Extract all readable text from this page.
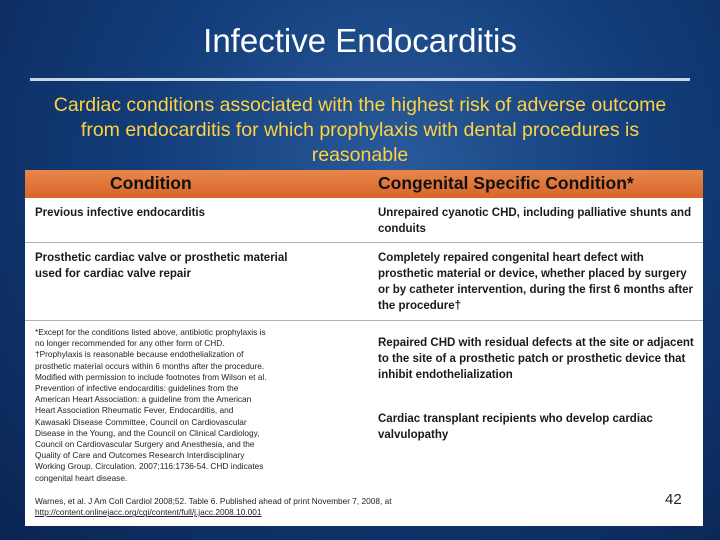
Infective Endocarditis
Cardiac conditions associated with the highest risk of adverse outcome from endocarditis for which prophylaxis with dental procedures is reasonable
Condition	Congenital Specific Condition*
Previous infective endocarditis
Prosthetic cardiac valve or prosthetic material used for cardiac valve repair
Unrepaired cyanotic CHD, including palliative shunts and conduits
Completely repaired congenital heart defect with prosthetic material or device, whether placed by surgery or by catheter intervention, during the first 6 months after the procedure†
Repaired CHD with residual defects at the site or adjacent to the site of a prosthetic patch or prosthetic device that inhibit endothelialization
Cardiac transplant recipients who develop cardiac valvulopathy

*Except for the conditions listed above, antibiotic prophylaxis is

no longer recommended for any other form of CHD.

†Prophylaxis is reasonable because endothelialization of

prosthetic material occurs within 6 months after the procedure.

Modified with permission to include footnotes from Wilson et al.

Prevention of infective endocarditis: guidelines from the

American Heart Association: a guideline from the American

Heart Association Rheumatic Fever, Endocarditis, and

Kawasaki Disease Committee, Council on Cardiovascular

Disease in the Young, and the Council on Clinical Cardiology,

Council on Cardiovascular Surgery and Anesthesia, and the

Quality of Care and Outcomes Research Interdisciplinary

Working Group. Circulation. 2007;116:1736-54. CHD indicates

congenital heart disease.

Warnes, et al. J Am Coll Cardiol 2008;52. Table 6. Published ahead of print November 7, 2008, at

http://content.onlinejacc.org/cgi/content/full/j.jacc.2008.10.001

42
